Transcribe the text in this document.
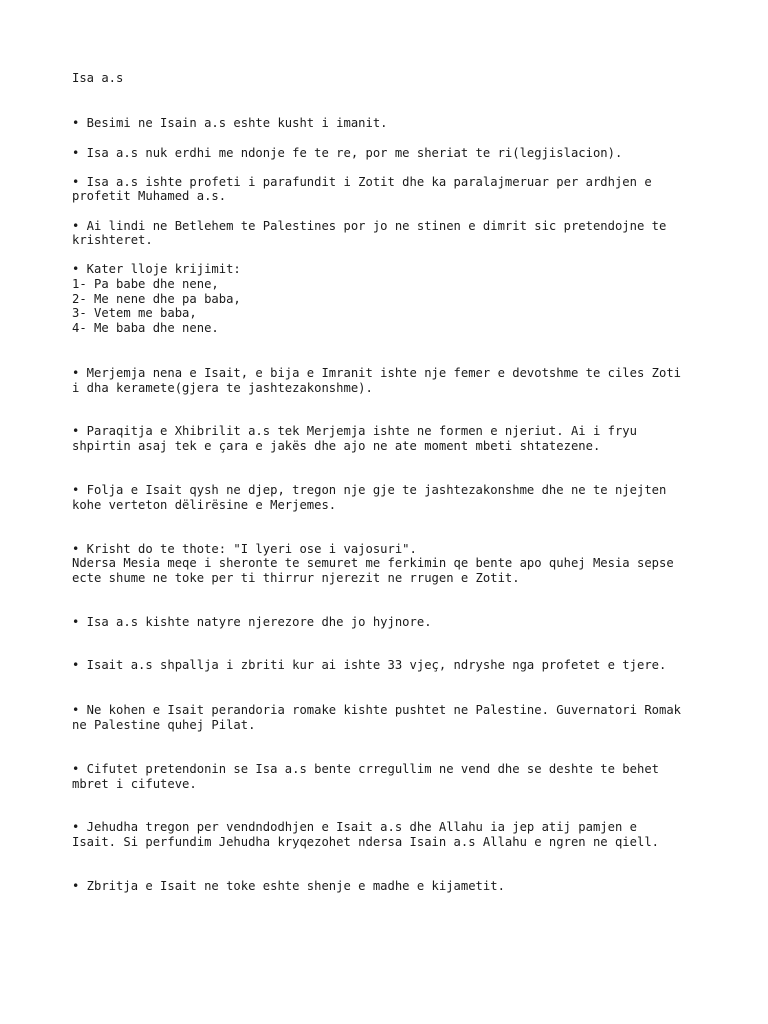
Isa a.s

• Besimi ne Isain a.s eshte kusht i imanit.

• Isa a.s nuk erdhi me ndonje fe te re, por me sheriat te ri(legjislacion).

• Isa a.s ishte profeti i parafundit i Zotit dhe ka paralajmeruar per ardhjen e

profetit Muhamed a.s.

• Ai lindi ne Betlehem te Palestines por jo ne stinen e dimrit sic pretendojne te

krishteret.

• Kater lloje krijimit:

1- Pa babe dhe nene,

2- Me nene dhe pa baba,

3- Vetem me baba,

4- Me baba dhe nene.

• Merjemja nena e Isait, e bija e Imranit ishte nje femer e devotshme te ciles Zoti

i dha keramete(gjera te jashtezakonshme).

• Paraqitja e Xhibrilit a.s tek Merjemja ishte ne formen e njeriut. Ai i fryu

shpirtin asaj tek e çara e jakës dhe ajo ne ate moment mbeti shtatezene.

• Folja e Isait qysh ne djep, tregon nje gje te jashtezakonshme dhe ne te njejten

kohe verteton dëlirësine e Merjemes.

• Krisht do te thote: "I lyeri ose i vajosuri".

Ndersa Mesia meqe i sheronte te semuret me ferkimin qe bente apo quhej Mesia sepse

ecte shume ne toke per ti thirrur njerezit ne rrugen e Zotit.

• Isa a.s kishte natyre njerezore dhe jo hyjnore.

• Isait a.s shpallja i zbriti kur ai ishte 33 vjeç, ndryshe nga profetet e tjere.

• Ne kohen e Isait perandoria romake kishte pushtet ne Palestine. Guvernatori Romak

ne Palestine quhej Pilat.

• Cifutet pretendonin se Isa a.s bente crregullim ne vend dhe se deshte te behet

mbret i cifuteve.

• Jehudha tregon per vendndodhjen e Isait a.s dhe Allahu ia jep atij pamjen e

Isait. Si perfundim Jehudha kryqezohet ndersa Isain a.s Allahu e ngren ne qiell.

• Zbritja e Isait ne toke eshte shenje e madhe e kijametit.
